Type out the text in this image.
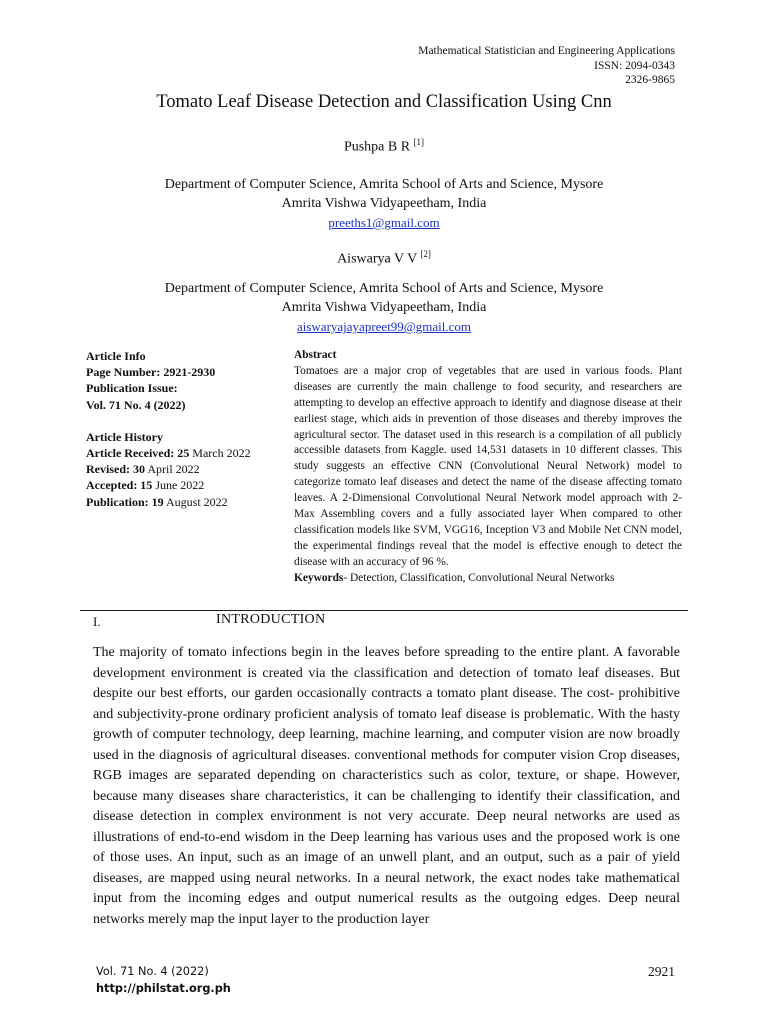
Mathematical Statistician and Engineering Applications
ISSN: 2094-0343
2326-9865
Tomato Leaf Disease Detection and Classification Using Cnn
Pushpa B R [1]
Department of Computer Science, Amrita School of Arts and Science, Mysore
Amrita Vishwa Vidyapeetham, India
preeths1@gmail.com
Aiswarya V V [2]
Department of Computer Science, Amrita School of Arts and Science, Mysore
Amrita Vishwa Vidyapeetham, India
aiswaryajayapreet99@gmail.com
Article Info
Page Number: 2921-2930
Publication Issue:
Vol. 71 No. 4 (2022)
Article History
Article Received: 25 March 2022
Revised: 30 April 2022
Accepted: 15 June 2022
Publication: 19 August 2022
Abstract
Tomatoes are a major crop of vegetables that are used in various foods. Plant diseases are currently the main challenge to food security, and researchers are attempting to develop an effective approach to identify and diagnose disease at their earliest stage, which aids in prevention of those diseases and thereby improves the agricultural sector. The dataset used in this research is a compilation of all publicly accessible datasets from Kaggle. used 14,531 datasets in 10 different classes. This study suggests an effective CNN (Convolutional Neural Network) model to categorize tomato leaf diseases and detect the name of the disease affecting tomato leaves. A 2-Dimensional Convolutional Neural Network model approach with 2-Max Assembling covers and a fully associated layer When compared to other classification models like SVM, VGG16, Inception V3 and Mobile Net CNN model, the experimental findings reveal that the model is effective enough to detect the disease with an accuracy of 96 %.
Keywords- Detection, Classification, Convolutional Neural Networks
I.	INTRODUCTION
The majority of tomato infections begin in the leaves before spreading to the entire plant. A favorable development environment is created via the classification and detection of tomato leaf diseases. But despite our best efforts, our garden occasionally contracts a tomato plant disease. The cost- prohibitive and subjectivity-prone ordinary proficient analysis of tomato leaf disease is problematic. With the hasty growth of computer technology, deep learning, machine learning, and computer vision are now broadly used in the diagnosis of agricultural diseases. conventional methods for computer vision Crop diseases, RGB images are separated depending on characteristics such as color, texture, or shape. However, because many diseases share characteristics, it can be challenging to identify their classification, and disease detection in complex environment is not very accurate. Deep neural networks are used as illustrations of end-to-end wisdom in the Deep learning has various uses and the proposed work is one of those uses. An input, such as an image of an unwell plant, and an output, such as a pair of yield diseases, are mapped using neural networks. In a neural network, the exact nodes take mathematical input from the incoming edges and output numerical results as the outgoing edges. Deep neural networks merely map the input layer to the production layer
Vol. 71 No. 4 (2022)
http://philstat.org.ph
2921
